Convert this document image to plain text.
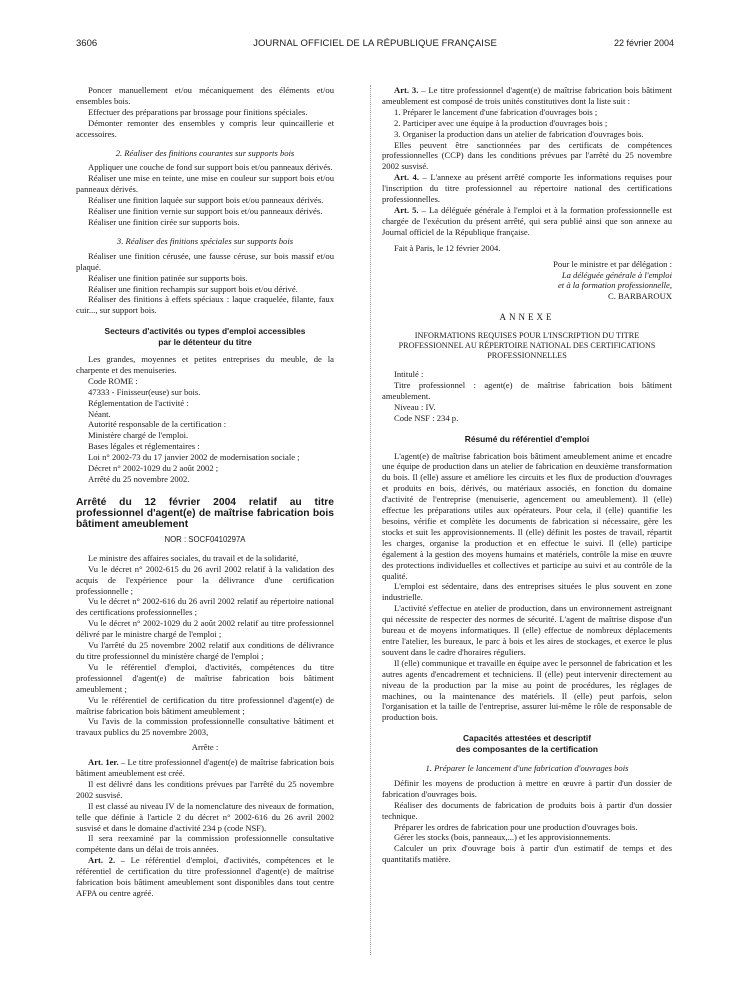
3606	JOURNAL OFFICIEL DE LA RÉPUBLIQUE FRANÇAISE	22 février 2004

Poncer manuellement et/ou mécaniquement des éléments et/ou ensembles bois.

Effectuer des préparations par brossage pour finitions spéciales.

Démonter remonter des ensembles y compris leur quincaillerie et accessoires.

2. Réaliser des finitions courantes sur supports bois

Appliquer une couche de fond sur support bois et/ou panneaux dérivés.

Réaliser une mise en teinte, une mise en couleur sur support bois et/ou panneaux dérivés.

Réaliser une finition laquée sur support bois et/ou panneaux dérivés.

Réaliser une finition vernie sur support bois et/ou panneaux dérivés.

Réaliser une finition cirée sur supports bois.

3. Réaliser des finitions spéciales sur supports bois

Réaliser une finition cérusée, une fausse céruse, sur bois massif et/ou plaqué.

Réaliser une finition patinée sur supports bois.

Réaliser une finition rechampis sur support bois et/ou dérivé.

Réaliser des finitions à effets spéciaux : laque craquelée, filante, faux cuir..., sur support bois.

Secteurs d'activités ou types d'emploi accessibles
par le détenteur du titre

Les grandes, moyennes et petites entreprises du meuble, de la charpente et des menuiseries.

Code ROME :

47333 - Finisseur(euse) sur bois.

Réglementation de l'activité :

Néant.

Autorité responsable de la certification :

Ministère chargé de l'emploi.

Bases légales et réglementaires :

Loi n° 2002-73 du 17 janvier 2002 de modernisation sociale ;

Décret n° 2002-1029 du 2 août 2002 ;

Arrêté du 25 novembre 2002.

Arrêté du 12 février 2004 relatif au titre professionnel d'agent(e) de maîtrise fabrication bois bâtiment ameublement

NOR : SOCF0410297A

Le ministre des affaires sociales, du travail et de la solidarité,

Vu le décret n° 2002-615 du 26 avril 2002 relatif à la validation des acquis de l'expérience pour la délivrance d'une certification professionnelle ;

Vu le décret n° 2002-616 du 26 avril 2002 relatif au répertoire national des certifications professionnelles ;

Vu le décret n° 2002-1029 du 2 août 2002 relatif au titre professionnel délivré par le ministre chargé de l'emploi ;

Vu l'arrêté du 25 novembre 2002 relatif aux conditions de délivrance du titre professionnel du ministère chargé de l'emploi ;

Vu le référentiel d'emploi, d'activités, compétences du titre professionnel d'agent(e) de maîtrise fabrication bois bâtiment ameublement ;

Vu le référentiel de certification du titre professionnel d'agent(e) de maîtrise fabrication bois bâtiment ameublement ;

Vu l'avis de la commission professionnelle consultative bâtiment et travaux publics du 25 novembre 2003,

Arrête :

Art. 1er. – Le titre professionnel d'agent(e) de maîtrise fabrication bois bâtiment ameublement est créé.

Il est délivré dans les conditions prévues par l'arrêté du 25 novembre 2002 susvisé.

Il est classé au niveau IV de la nomenclature des niveaux de formation, telle que définie à l'article 2 du décret n° 2002-616 du 26 avril 2002 susvisé et dans le domaine d'activité 234 p (code NSF).

Il sera reexaminé par la commission professionnelle consultative compétente dans un délai de trois années.

Art. 2. – Le référentiel d'emploi, d'activités, compétences et le référentiel de certification du titre professionnel d'agent(e) de maîtrise fabrication bois bâtiment ameublement sont disponibles dans tout centre AFPA ou centre agréé.

Art. 3. – Le titre professionnel d'agent(e) de maîtrise fabrication bois bâtiment ameublement est composé de trois unités constitutives dont la liste suit :

1. Préparer le lancement d'une fabrication d'ouvrages bois ;

2. Participer avec une équipe à la production d'ouvrages bois ;

3. Organiser la production dans un atelier de fabrication d'ouvrages bois.

Elles peuvent être sanctionnées par des certificats de compétences professionnelles (CCP) dans les conditions prévues par l'arrêté du 25 novembre 2002 susvisé.

Art. 4. – L'annexe au présent arrêté comporte les informations requises pour l'inscription du titre professionnel au répertoire national des certifications professionnelles.

Art. 5. – La déléguée générale à l'emploi et à la formation professionnelle est chargée de l'exécution du présent arrêté, qui sera publié ainsi que son annexe au Journal officiel de la République française.

Fait à Paris, le 12 février 2004.

Pour le ministre et par délégation :

La déléguée générale à l'emploi

et à la formation professionnelle,

C. BARBAROUX

ANNEXE

INFORMATIONS REQUISES POUR L'INSCRIPTION DU TITRE PROFESSIONNEL AU RÉPERTOIRE NATIONAL DES CERTIFICATIONS PROFESSIONNELLES

Intitulé :

Titre professionnel : agent(e) de maîtrise fabrication bois bâtiment ameublement.

Niveau : IV.

Code NSF : 234 p.

Résumé du référentiel d'emploi

L'agent(e) de maîtrise fabrication bois bâtiment ameublement anime et encadre une équipe de production dans un atelier de fabrication en deuxième transformation du bois. Il (elle) assure et améliore les circuits et les flux de production d'ouvrages et produits en bois, dérivés, ou matériaux associés, en fonction du domaine d'activité de l'entreprise (menuiserie, agencement ou ameublement). Il (elle) effectue les préparations utiles aux opérateurs. Pour cela, il (elle) quantifie les besoins, vérifie et complète les documents de fabrication si nécessaire, gère les stocks et suit les approvisionnements. Il (elle) définit les postes de travail, répartit les charges, organise la production et en effectue le suivi. Il (elle) participe également à la gestion des moyens humains et matériels, contrôle la mise en œuvre des protections individuelles et collectives et participe au suivi et au contrôle de la qualité.

L'emploi est sédentaire, dans des entreprises situées le plus souvent en zone industrielle.

L'activité s'effectue en atelier de production, dans un environnement astreignant qui nécessite de respecter des normes de sécurité. L'agent de maîtrise dispose d'un bureau et de moyens informatiques. Il (elle) effectue de nombreux déplacements entre l'atelier, les bureaux, le parc à bois et les aires de stockages, et exerce le plus souvent dans le cadre d'horaires réguliers.

Il (elle) communique et travaille en équipe avec le personnel de fabrication et les autres agents d'encadrement et techniciens. Il (elle) peut intervenir directement au niveau de la production par la mise au point de procédures, les réglages de machines, ou la maintenance des matériels. Il (elle) peut parfois, selon l'organisation et la taille de l'entreprise, assurer lui-même le rôle de responsable de production bois.

Capacités attestées et descriptif
des composantes de la certification

1. Préparer le lancement d'une fabrication d'ouvrages bois

Définir les moyens de production à mettre en œuvre à partir d'un dossier de fabrication d'ouvrages bois.

Réaliser des documents de fabrication de produits bois à partir d'un dossier technique.

Préparer les ordres de fabrication pour une production d'ouvrages bois.

Gérer les stocks (bois, panneaux,...) et les approvisionnements.

Calculer un prix d'ouvrage bois à partir d'un estimatif de temps et des quantitatifs matière.
